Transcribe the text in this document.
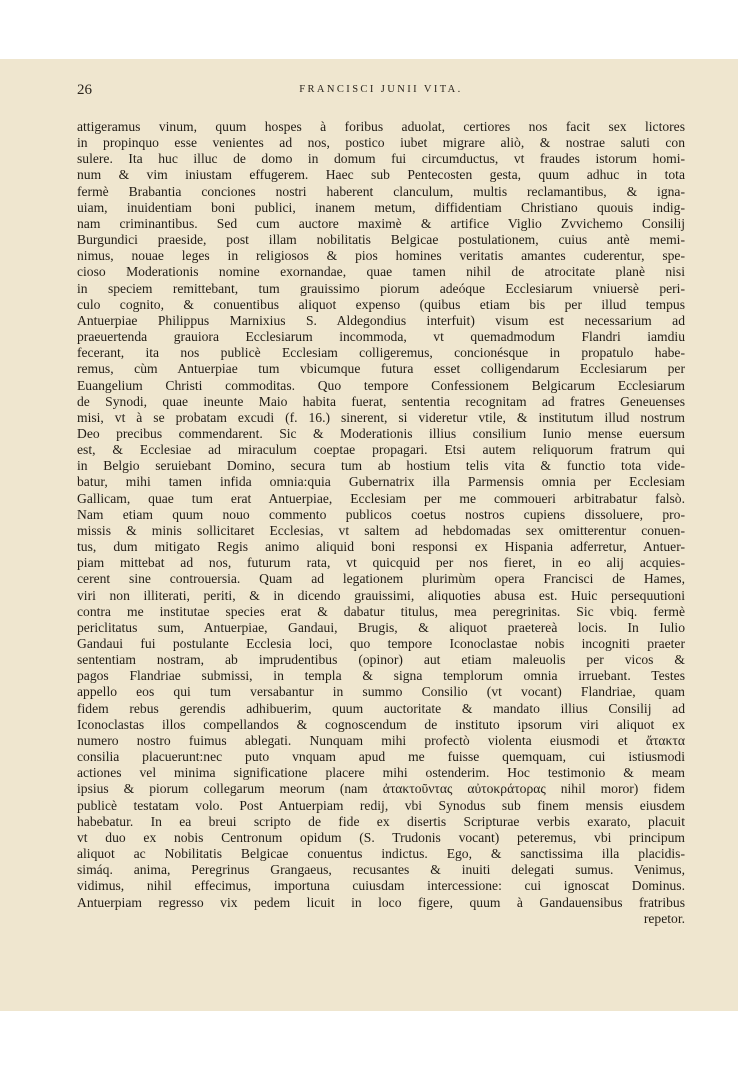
26	FRANCISCI JUNII VITA.
attigeramus vinum, quum hospes à foribus aduolat, certiores nos facit sex lictores
in propinquo esse venientes ad nos, postico iubet migrare aliò, & nostrae saluti con
sulere. Ita huc illuc de domo in domum fui circumductus, vt fraudes istorum homi-
num & vim iniustam effugerem. Haec sub Pentecosten gesta, quum adhuc in tota
fermè Brabantia conciones nostri haberent clanculum, multis reclamantibus, & igna-
uiam, inuidentiam boni publici, inanem metum, diffidentiam Christiano quouis indig-
nam criminantibus. Sed cum auctore maximè & artifice Viglio Zvvichemo Consilij
Burgundici praeside, post illam nobilitatis Belgicae postulationem, cuius antè memi-
nimus, nouae leges in religiosos & pios homines veritatis amantes cuderentur, spe-
cioso Moderationis nomine exornandae, quae tamen nihil de atrocitate planè nisi
in speciem remittebant, tum grauissimo piorum adeóque Ecclesiarum vniuersè peri-
culo cognito, & conuentibus aliquot expenso (quibus etiam bis per illud tempus
Antuerpiae Philippus Marnixius S. Aldegondius interfuit) visum est necessarium ad
praeuertenda grauiora Ecclesiarum incommoda, vt quemadmodum Flandri iamdiu
fecerant, ita nos publicè Ecclesiam colligeremus, concionésque in propatulo habe-
remus, cùm Antuerpiae tum vbicumque futura esset colligendarum Ecclesiarum per
Euangelium Christi commoditas. Quo tempore Confessionem Belgicarum Ecclesiarum
de Synodi, quae ineunte Maio habita fuerat, sententia recognitam ad fratres Geneuenses
misi, vt à se probatam excudi (f. 16.) sinerent, si videretur vtile, & institutum illud nostrum
Deo precibus commendarent. Sic & Moderationis illius consilium Iunio mense euersum
est, & Ecclesiae ad miraculum coeptae propagari. Etsi autem reliquorum fratrum qui
in Belgio seruiebant Domino, secura tum ab hostium telis vita & functio tota vide-
batur, mihi tamen infida omnia:quia Gubernatrix illa Parmensis omnia per Ecclesiam
Gallicam, quae tum erat Antuerpiae, Ecclesiam per me commoueri arbitrabatur falsò.
Nam etiam quum nouo commento publicos coetus nostros cupiens dissoluere, pro-
missis & minis sollicitaret Ecclesias, vt saltem ad hebdomadas sex omitterentur conuen-
tus, dum mitigato Regis animo aliquid boni responsi ex Hispania adferretur, Antuer-
piam mittebat ad nos, futurum rata, vt quicquid per nos fieret, in eo alij acquies-
cerent sine controuersia. Quam ad legationem plurimùm opera Francisci de Hames,
viri non illiterati, periti, & in dicendo grauissimi, aliquoties abusa est. Huic persequutioni
contra me institutae species erat & dabatur titulus, mea peregrinitas. Sic vbiq. fermè
periclitatus sum, Antuerpiae, Gandaui, Brugis, & aliquot praetereà locis. In Iulio
Gandaui fui postulante Ecclesia loci, quo tempore Iconoclastae nobis incogniti praeter
sententiam nostram, ab imprudentibus (opinor) aut etiam maleuolis per vicos &
pagos Flandriae submissi, in templa & signa templorum omnia irruebant. Testes
appello eos qui tum versabantur in summo Consilio (vt vocant) Flandriae, quam
fidem rebus gerendis adhibuerim, quum auctoritate & mandato illius Consilij ad
Iconoclastas illos compellandos & cognoscendum de instituto ipsorum viri aliquot ex
numero nostro fuimus ablegati. Nunquam mihi profectò violenta eiusmodi et ἄτακτα
consilia placuerunt:nec puto vnquam apud me fuisse quemquam, cui istiusmodi
actiones vel minima significatione placere mihi ostenderim. Hoc testimonio & meam
ipsius & piorum collegarum meorum (nam ἀτακτοῦντας αὐτοκράτορας nihil moror) fidem
publicè testatam volo. Post Antuerpiam redij, vbi Synodus sub finem mensis eiusdem
habebatur. In ea breui scripto de fide ex disertis Scripturae verbis exarato, placuit
vt duo ex nobis Centronum opidum (S. Trudonis vocant) peteremus, vbi principum
aliquot ac Nobilitatis Belgicae conuentus indictus. Ego, & sanctissima illa placidis-
simáq. anima, Peregrinus Grangaeus, recusantes & inuiti delegati sumus. Venimus,
vidimus, nihil effecimus, importuna cuiusdam intercessione: cui ignoscat Dominus.
Antuerpiam regresso vix pedem licuit in loco figere, quum à Gandauensibus fratribus
repetor.
